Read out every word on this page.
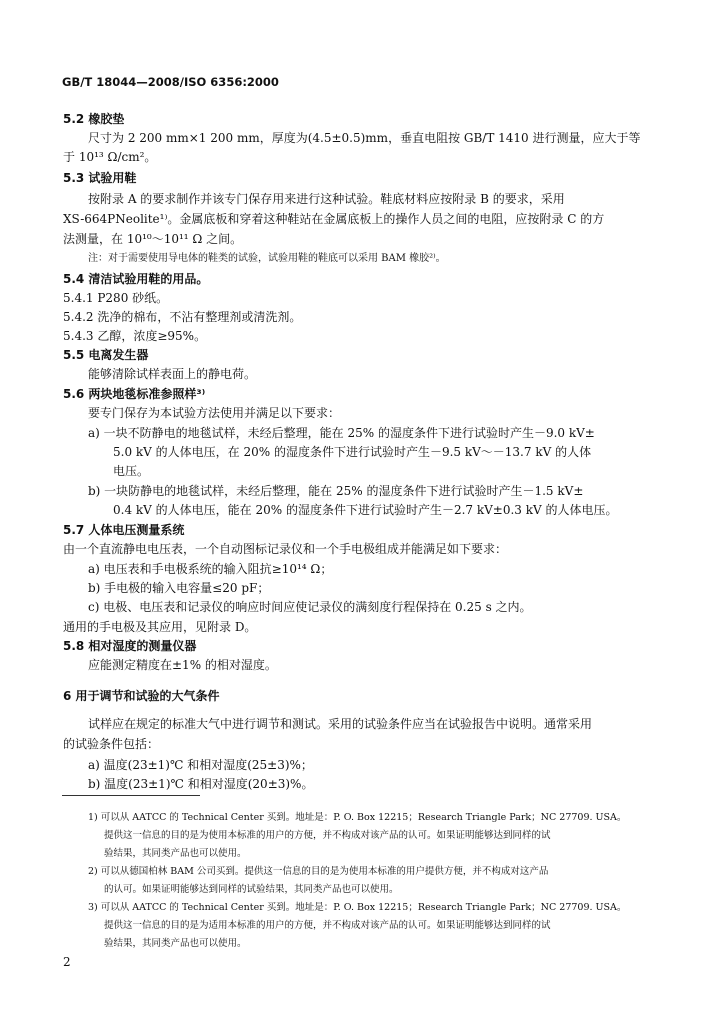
GB/T 18044—2008/ISO 6356:2000
5.2 橡胶垫
尺寸为 2 200 mm×1 200 mm，厚度为(4.5±0.5)mm，垂直电阻按 GB/T 1410 进行测量，应大于等
于 10¹³ Ω/cm²。
5.3 试验用鞋
按附录 A 的要求制作并该专门保存用来进行这种试验。鞋底材料应按附录 B 的要求，采用
XS-664PNeolite¹⁾。金属底板和穿着这种鞋站在金属底板上的操作人员之间的电阻，应按附录 C 的方
法测量，在 10¹⁰～10¹¹ Ω 之间。
注：对于需要使用导电体的鞋类的试验，试验用鞋的鞋底可以采用 BAM 橡胶²⁾。
5.4 清洁试验用鞋的用品。
5.4.1 P280 砂纸。
5.4.2 洗净的棉布，不沾有整理剂或清洗剂。
5.4.3 乙醇，浓度≥95%。
5.5 电离发生器
能够清除试样表面上的静电荷。
5.6 两块地毯标准参照样³⁾
要专门保存为本试验方法使用并满足以下要求：
a) 一块不防静电的地毯试样，未经后整理，能在 25% 的湿度条件下进行试验时产生－9.0 kV±
5.0 kV 的人体电压，在 20% 的湿度条件下进行试验时产生－9.5 kV～－13.7 kV 的人体
电压。
b) 一块防静电的地毯试样，未经后整理，能在 25% 的湿度条件下进行试验时产生－1.5 kV±
0.4 kV 的人体电压，能在 20% 的湿度条件下进行试验时产生－2.7 kV±0.3 kV 的人体电压。
5.7 人体电压测量系统
由一个直流静电电压表，一个自动图标记录仪和一个手电极组成并能满足如下要求：
a) 电压表和手电极系统的输入阻抗≥10¹⁴ Ω；
b) 手电极的输入电容量≤20 pF；
c) 电极、电压表和记录仪的响应时间应使记录仪的满刻度行程保持在 0.25 s 之内。
通用的手电极及其应用，见附录 D。
5.8 相对湿度的测量仪器
应能测定精度在±1% 的相对湿度。
6 用于调节和试验的大气条件
试样应在规定的标准大气中进行调节和测试。采用的试验条件应当在试验报告中说明。通常采用
的试验条件包括：
a) 温度(23±1)℃ 和相对湿度(25±3)%；
b) 温度(23±1)℃ 和相对湿度(20±3)%。
1) 可以从 AATCC 的 Technical Center 买到。地址是：P. O. Box 12215；Research Triangle Park；NC 27709. USA。
提供这一信息的目的是为使用本标准的用户的方便，并不构成对该产品的认可。如果证明能够达到同样的试
验结果，其同类产品也可以使用。
2) 可以从德国柏林 BAM 公司买到。提供这一信息的目的是为使用本标准的用户提供方便，并不构成对这产品
的认可。如果证明能够达到同样的试验结果，其同类产品也可以使用。
3) 可以从 AATCC 的 Technical Center 买到。地址是：P. O. Box 12215；Research Triangle Park；NC 27709. USA。
提供这一信息的目的是为适用本标准的用户的方便，并不构成对该产品的认可。如果证明能够达到同样的试
验结果，其同类产品也可以使用。
2
